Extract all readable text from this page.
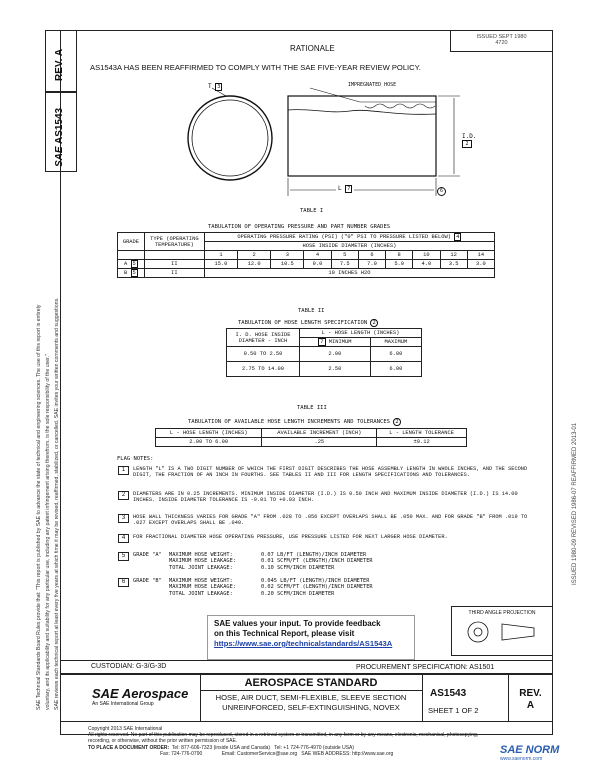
REV. A
SAE AS1543
SAE Technical Standards Board Rules provide that: "This report is published by SAE to advance the state of technical and engineering sciences. The use of this report is entirely voluntary, and its applicability and suitability for any particular use, including any patent infringement arising therefrom, is the sole responsibility of the user." SAE reviews each technical report at least every five years at which time it may be revised, reaffirmed, stabilized, or cancelled. SAE invites your written comments and suggestions.	ISSUED 1980-09 REVISED 1986-07 REAFFIRMED 2013-01
ISSUED SEPT 1980
4720
RATIONALE
AS1543A HAS BEEN REAFFIRMED TO COMPLY WITH THE SAE FIVE-YEAR REVIEW POLICY.
T 3	IMPREGNATED HOSE
I.D.
2
L 7	6
TABLE I
TABULATION OF OPERATING PRESSURE AND PART NUMBER GRADES
GRADE	TYPE (OPERATING TEMPERATURE)	OPERATING PRESSURE RATING (PSI) ("0" PSI TO PRESSURE LISTED BELOW) 4									
		HOSE INSIDE DIAMETER (INCHES)									
		1	2	3	4	5	6	8	10	12	14
A 5	II	15.0	12.0	10.5	9.0	7.5	7.0	5.0	4.0	3.5	3.0
B 5	II	10 INCHES H2O									
TABLE II
TABULATION OF HOSE LENGTH SPECIFICATION 2
I. D. HOSE INSIDE DIAMETER - INCH	L - HOSE LENGTH (INCHES)	
	7 MINIMUM	MAXIMUM
0.50 TO 2.50	2.00	6.00
2.75 TO 14.00	2.50	6.00
TABLE III
TABULATION OF AVAILABLE HOSE LENGTH INCREMENTS AND TOLERANCES 2
L - HOSE LENGTH (INCHES)	AVAILABLE INCREMENT (INCH)	L - LENGTH TOLERANCE
2.00 TO 6.00	.25	±0.12
FLAG NOTES:
1	LENGTH "L" IS A TWO DIGIT NUMBER OF WHICH THE FIRST DIGIT DESCRIBES THE HOSE ASSEMBLY LENGTH IN WHOLE INCHES, AND THE SECOND DIGIT, THE FRACTION OF AN INCH IN FOURTHS. SEE TABLES II AND III FOR LENGTH SPECIFICATIONS AND TOLERANCES.
2	DIAMETERS ARE IN 0.25 INCREMENTS. MINIMUM INSIDE DIAMETER (I.D.) IS 0.50 INCH AND MAXIMUM INSIDE DIAMETER (I.D.) IS 14.00 INCHES. INSIDE DIAMETER TOLERANCE IS -0.01 TO +0.03 INCH.
3	HOSE WALL THICKNESS VARIES FOR GRADE "A" FROM .028 TO .056 EXCEPT OVERLAPS SHALL BE .050 MAX. AND FOR GRADE "B" FROM .019 TO .027 EXCEPT OVERLAPS SHALL BE .040.
4	FOR FRACTIONAL DIAMETER HOSE OPERATING PRESSURE, USE PRESSURE LISTED FOR NEXT LARGER HOSE DIAMETER.
5	GRADE "A" MAXIMUM HOSE WEIGHT:	0.07 LB/FT (LENGTH)/INCH DIAMETER
MAXIMUM HOSE LEAKAGE:	0.01 SCFM/FT (LENGTH)/INCH DIAMETER
TOTAL JOINT LEAKAGE:	0.10 SCFM/INCH DIAMETER
6	GRADE "B" MAXIMUM HOSE WEIGHT:	0.045 LB/FT (LENGTH)/INCH DIAMETER
MAXIMUM HOSE LEAKAGE:	0.02 SCFM/FT (LENGTH)/INCH DIAMETER
TOTAL JOINT LEAKAGE:	0.20 SCFM/INCH DIAMETER
SAE values your input. To provide feedback
on this Technical Report, please visit
https://www.sae.org/technicalstandards/AS1543A
THIRD ANGLE PROJECTION
CUSTODIAN: G-3/G-3D	PROCUREMENT SPECIFICATION: AS1501
SAE Aerospace
An SAE International Group
AEROSPACE STANDARD
HOSE, AIR DUCT, SEMI-FLEXIBLE, SLEEVE SECTION
UNREINFORCED, SELF-EXTINGUISHING, NOVEX
AS1543
SHEET 1 OF 2
REV.
A
Copyright 2013 SAE International
All rights reserved. No part of this publication may be reproduced, stored in a retrieval system or transmitted, in any form or by any means, electronic, mechanical, photocopying,
recording, or otherwise, without the prior written permission of SAE.
TO PLACE A DOCUMENT ORDER: Tel: 877-606-7323 (inside USA and Canada) Tel: +1 724-776-4970 (outside USA)
Fax: 724-776-0790	Email: CustomerService@sae.org SAE WEB ADDRESS: http://www.sae.org	SAE NORM
www.saenorm.com
